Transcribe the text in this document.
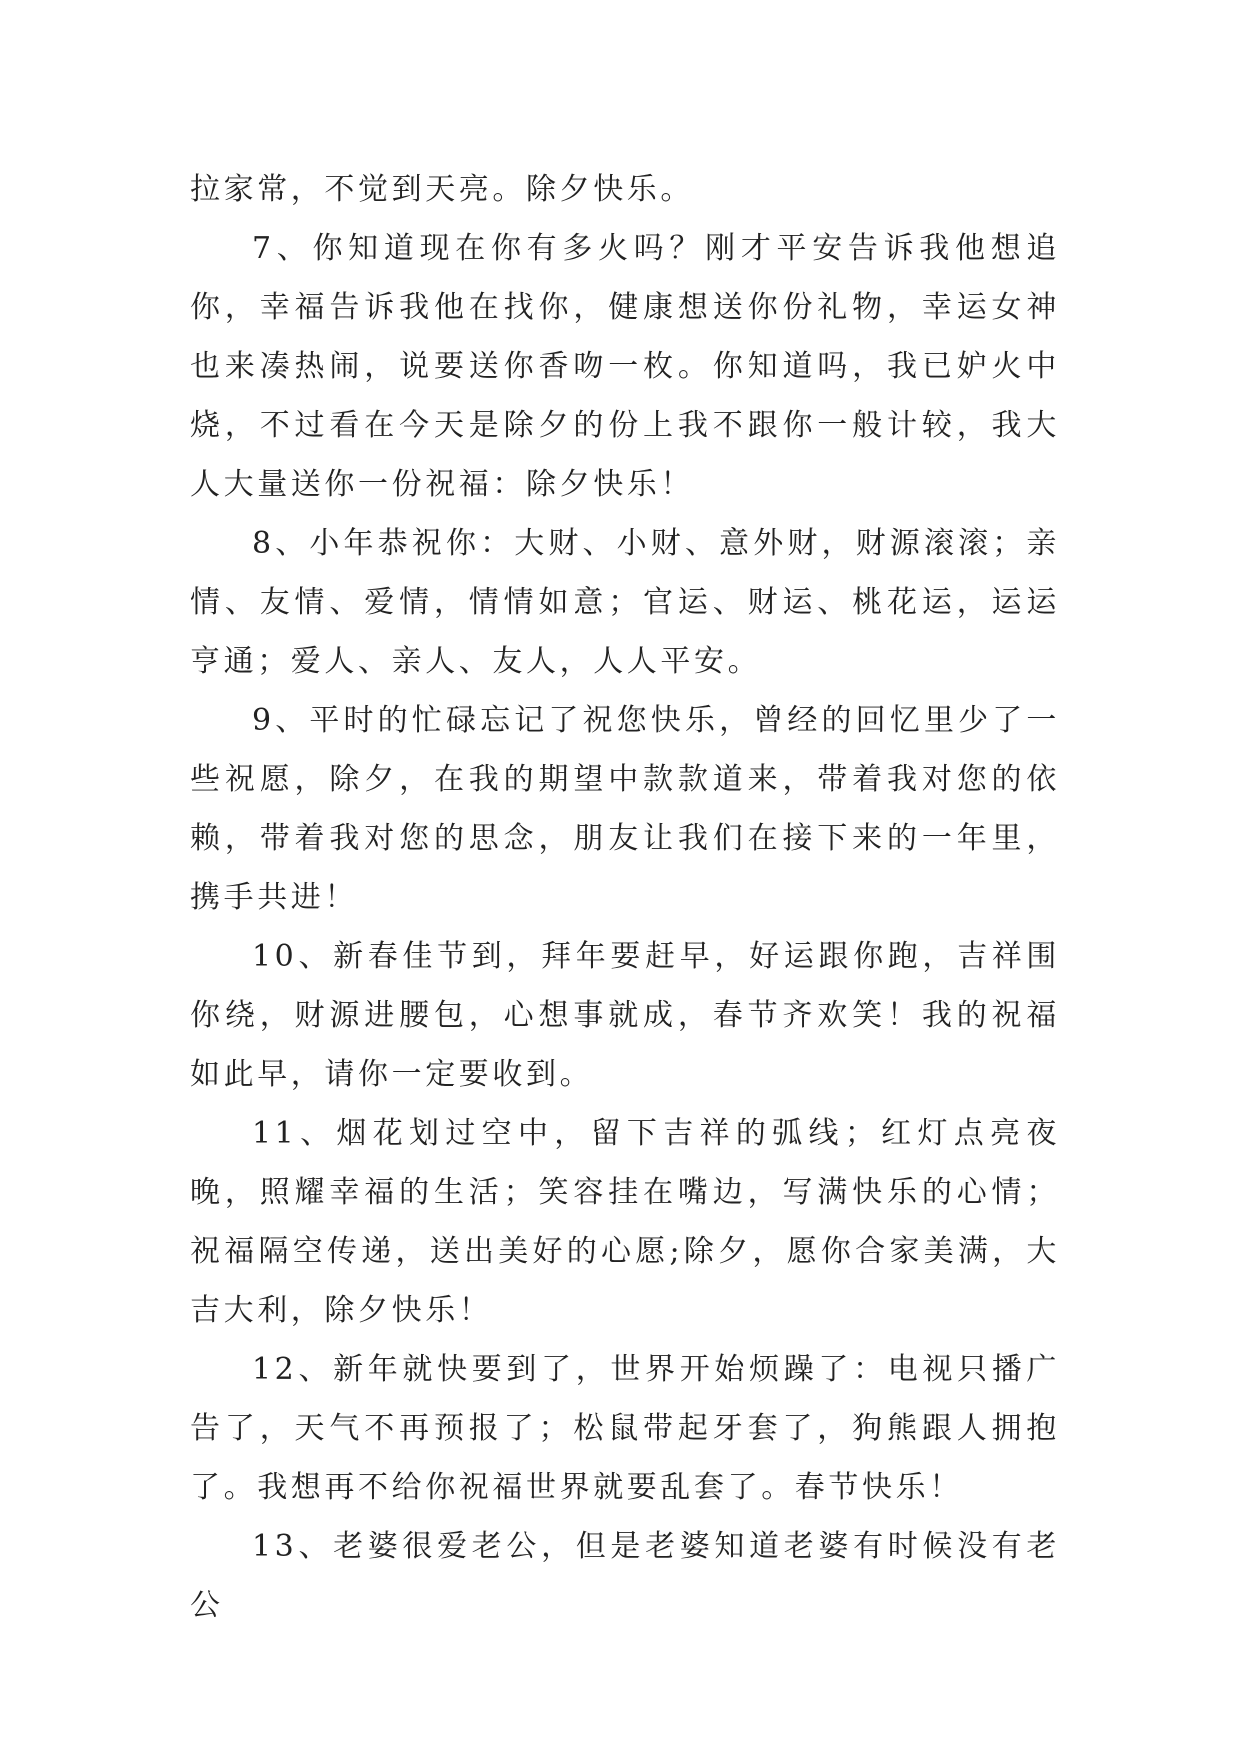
拉家常，不觉到天亮。除夕快乐。

7、你知道现在你有多火吗？刚才平安告诉我他想追你，幸福告诉我他在找你，健康想送你份礼物，幸运女神也来凑热闹，说要送你香吻一枚。你知道吗，我已妒火中烧，不过看在今天是除夕的份上我不跟你一般计较，我大人大量送你一份祝福：除夕快乐！

8、小年恭祝你：大财、小财、意外财，财源滚滚；亲情、友情、爱情，情情如意；官运、财运、桃花运，运运亨通；爱人、亲人、友人，人人平安。

9、平时的忙碌忘记了祝您快乐，曾经的回忆里少了一些祝愿，除夕，在我的期望中款款道来，带着我对您的依赖，带着我对您的思念，朋友让我们在接下来的一年里，携手共进！

10、新春佳节到，拜年要赶早，好运跟你跑，吉祥围你绕，财源进腰包，心想事就成，春节齐欢笑！我的祝福如此早，请你一定要收到。

11、烟花划过空中，留下吉祥的弧线；红灯点亮夜晚，照耀幸福的生活；笑容挂在嘴边，写满快乐的心情；祝福隔空传递，送出美好的心愿;除夕，愿你合家美满，大吉大利，除夕快乐！

12、新年就快要到了，世界开始烦躁了：电视只播广告了，天气不再预报了；松鼠带起牙套了，狗熊跟人拥抱了。我想再不给你祝福世界就要乱套了。春节快乐！

13、老婆很爱老公，但是老婆知道老婆有时候没有老公
